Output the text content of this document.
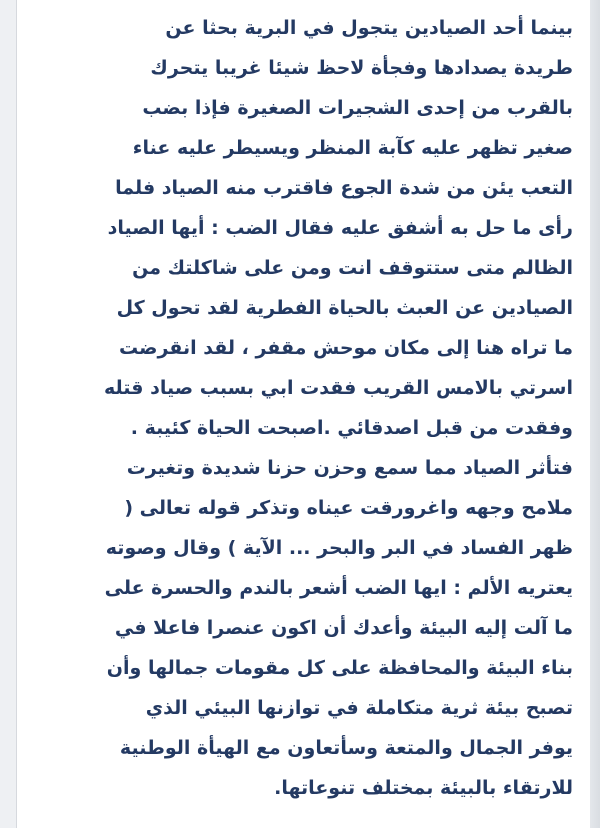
بينما أحد الصيادين يتجول في البرية بحثا عن
طريدة يصدادها وفجأة لاحظ شيئا غريبا يتحرك
بالقرب من إحدى الشجيرات الصغيرة فإذا بضب
صغير تظهر عليه كآبة المنظر ويسيطر عليه عناء
التعب يئن من شدة الجوع فاقترب منه الصياد فلما
رأى ما حل به أشفق عليه فقال الضب : أيها الصياد
الظالم متى ستتوقف انت ومن على شاكلتك من
الصيادين عن العبث بالحياة الفطرية لقد تحول كل
ما تراه هنا إلى مكان موحش مقفر ، لقد انقرضت
اسرتي بالامس القريب فقدت ابي بسبب صياد قتله
وفقدت من قبل اصدقائي .اصبحت الحياة كئيبة .
فتأثر الصياد مما سمع وحزن حزنا شديدة وتغيرت
ملامح وجهه واغرورقت عيناه وتذكر قوله تعالى (
ظهر الفساد في البر والبحر ... الآية ) وقال وصوته
يعتريه الألم : ايها الضب أشعر بالندم والحسرة على
ما آلت إليه البيئة وأعدك أن اكون عنصرا فاعلا في
بناء البيئة والمحافظة على كل مقومات جمالها وأن
تصبح بيئة ثرية متكاملة في توازنها البيئي الذي
يوفر الجمال والمتعة وسأتعاون مع الهيأة الوطنية
للارتقاء بالبيئة بمختلف تنوعاتها.
